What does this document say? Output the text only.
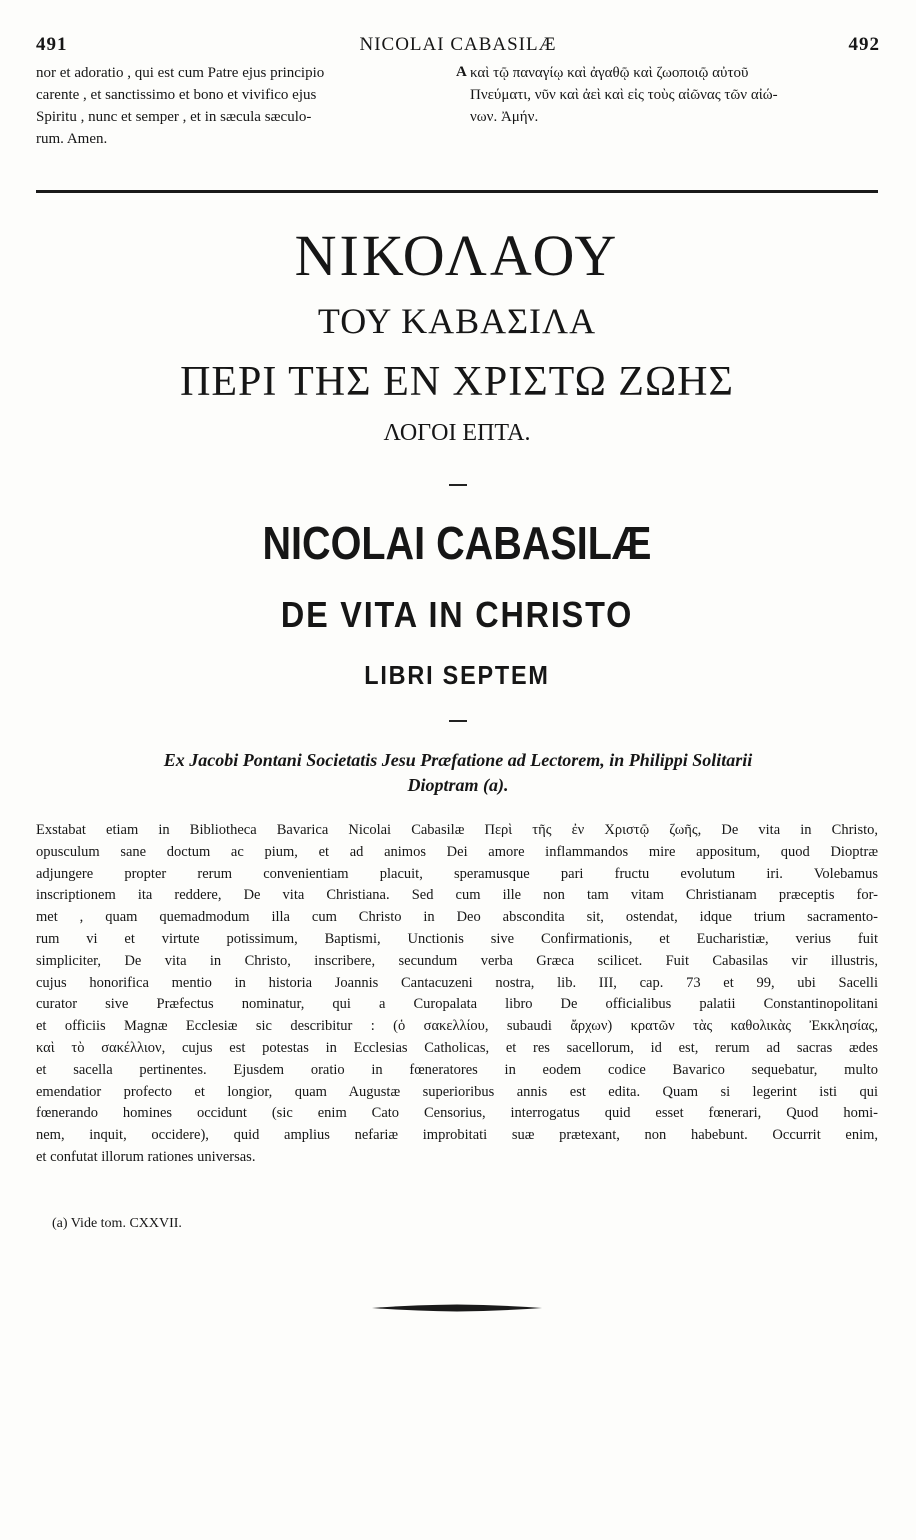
491	NICOLAI CABASILÆ	492
nor et adoratio , qui est cum Patre ejus principio
carente , et sanctissimo et bono et vivifico ejus
Spiritu , nunc et semper , et in sæcula sæculo-
rum. Amen.
A καὶ τῷ παναγίῳ καὶ ἀγαθῷ καὶ ζωοποιῷ αὐτοῦ
Πνεύματι, νῦν καὶ ἀεὶ καὶ εἰς τοὺς αἰῶνας τῶν αἰώ-
νων. Ἀμήν.
ΝΙΚΟΛΑΟΥ
ΤΟΥ ΚΑΒΑΣΙΛΑ
ΠΕΡΙ ΤΗΣ ΕΝ ΧΡΙΣΤΩ ΖΩΗΣ
ΛΟΓΟΙ ΕΠΤΑ.
NICOLAI CABASILÆ
DE VITA IN CHRISTO
LIBRI SEPTEM
Ex Jacobi Pontani Societatis Jesu Præfatione ad Lectorem, in Philippi Solitarii
Dioptram (a).
Exstabat etiam in Bibliotheca Bavarica Nicolai Cabasilæ Περὶ τῆς ἐν Χριστῷ ζωῆς, De vita in Christo,
opusculum sane doctum ac pium, et ad animos Dei amore inflammandos mire appositum, quod Dioptræ
adjungere propter rerum convenientiam placuit, speramusque pari fructu evolutum iri. Volebamus
inscriptionem ita reddere, De vita Christiana. Sed cum ille non tam vitam Christianam præceptis for-
met , quam quemadmodum illa cum Christo in Deo abscondita sit, ostendat, idque trium sacramento-
rum vi et virtute potissimum, Baptismi, Unctionis sive Confirmationis, et Eucharistiæ, verius fuit
simpliciter, De vita in Christo, inscribere, secundum verba Græca scilicet. Fuit Cabasilas vir illustris,
cujus honorifica mentio in historia Joannis Cantacuzeni nostra, lib. III, cap. 73 et 99, ubi Sacelli
curator sive Præfectus nominatur, qui a Curopalata libro De officialibus palatii Constantinopolitani
et officiis Magnæ Ecclesiæ sic describitur : (ὁ σακελλίου, subaudi ἄρχων) κρατῶν τὰς καθολικὰς Ἐκκλησίας,
καὶ τὸ σακέλλιον, cujus est potestas in Ecclesias Catholicas, et res sacellorum, id est, rerum ad sacras ædes
et sacella pertinentes. Ejusdem oratio in fœneratores in eodem codice Bavarico sequebatur, multo
emendatior profecto et longior, quam Augustæ superioribus annis est edita. Quam si legerint isti qui
fœnerando homines occidunt (sic enim Cato Censorius, interrogatus quid esset fœnerari, Quod homi-
nem, inquit, occidere), quid amplius nefariæ improbitati suæ prætexant, non habebunt. Occurrit enim,
et confutat illorum rationes universas.
(a) Vide tom. CXXVII.
